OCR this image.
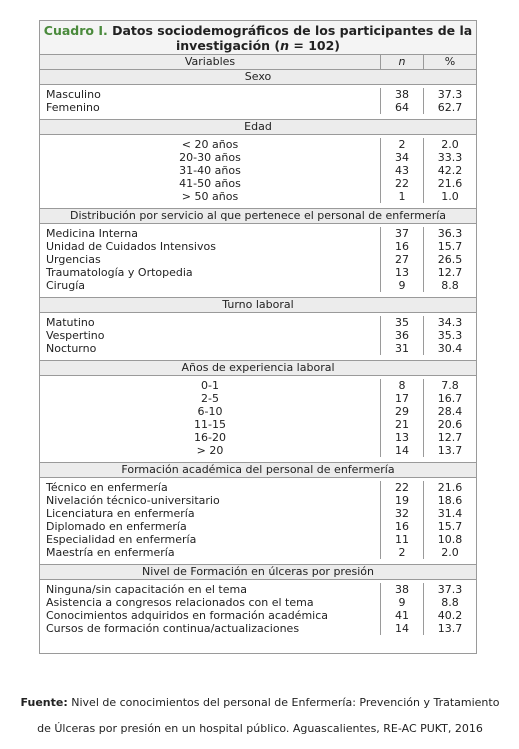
Cuadro I. Datos sociodemográficos de los participantes de la
investigación (n = 102)
Variables	n	%
Sexo
Masculino	38	37.3
Femenino	64	62.7
Edad
< 20 años	2	2.0
20-30 años	34	33.3
31-40 años	43	42.2
41-50 años	22	21.6
> 50 años	1	1.0
Distribución por servicio al que pertenece el personal de enfermería
Medicina Interna	37	36.3
Unidad de Cuidados Intensivos	16	15.7
Urgencias	27	26.5
Traumatología y Ortopedia	13	12.7
Cirugía	9	8.8
Turno laboral
Matutino	35	34.3
Vespertino	36	35.3
Nocturno	31	30.4
Años de experiencia laboral
0-1	8	7.8
2-5	17	16.7
6-10	29	28.4
11-15	21	20.6
16-20	13	12.7
> 20	14	13.7
Formación académica del personal de enfermería
Técnico en enfermería	22	21.6
Nivelación técnico-universitario	19	18.6
Licenciatura en enfermería	32	31.4
Diplomado en enfermería	16	15.7
Especialidad en enfermería	11	10.8
Maestría en enfermería	2	2.0
Nivel de Formación en úlceras por presión
Ninguna/sin capacitación en el tema	38	37.3
Asistencia a congresos relacionados con el tema	9	8.8
Conocimientos adquiridos en formación académica	41	40.2
Cursos de formación continua/actualizaciones	14	13.7
Fuente: Nivel de conocimientos del personal de Enfermería: Prevención y Tratamiento
de Úlceras por presión en un hospital público. Aguascalientes, RE-AC PUKT, 2016
